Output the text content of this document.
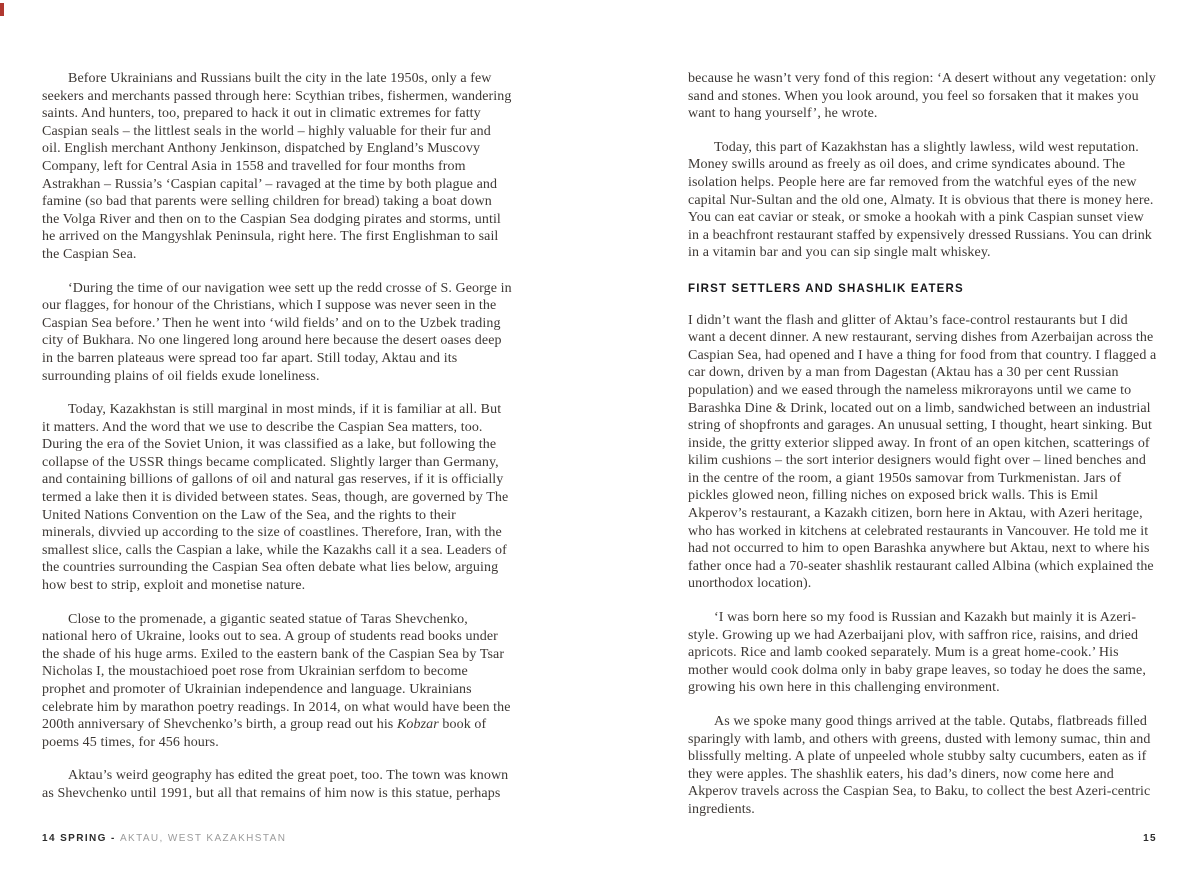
Before Ukrainians and Russians built the city in the late 1950s, only a few seekers and merchants passed through here: Scythian tribes, fishermen, wandering saints. And hunters, too, prepared to hack it out in climatic extremes for fatty Caspian seals – the littlest seals in the world – highly valuable for their fur and oil. English merchant Anthony Jenkinson, dispatched by England’s Muscovy Company, left for Central Asia in 1558 and travelled for four months from Astrakhan – Russia’s ‘Caspian capital’ – ravaged at the time by both plague and famine (so bad that parents were selling children for bread) taking a boat down the Volga River and then on to the Caspian Sea dodging pirates and storms, until he arrived on the Mangyshlak Peninsula, right here. The first Englishman to sail the Caspian Sea.

‘During the time of our navigation wee sett up the redd crosse of S. George in our flagges, for honour of the Christians, which I suppose was never seen in the Caspian Sea before.’ Then he went into ‘wild fields’ and on to the Uzbek trading city of Bukhara. No one lingered long around here because the desert oases deep in the barren plateaus were spread too far apart. Still today, Aktau and its surrounding plains of oil fields exude loneliness.

Today, Kazakhstan is still marginal in most minds, if it is familiar at all. But it matters. And the word that we use to describe the Caspian Sea matters, too. During the era of the Soviet Union, it was classified as a lake, but following the collapse of the USSR things became complicated. Slightly larger than Germany, and containing billions of gallons of oil and natural gas reserves, if it is officially termed a lake then it is divided between states. Seas, though, are governed by The United Nations Convention on the Law of the Sea, and the rights to their minerals, divvied up according to the size of coastlines. Therefore, Iran, with the smallest slice, calls the Caspian a lake, while the Kazakhs call it a sea. Leaders of the countries surrounding the Caspian Sea often debate what lies below, arguing how best to strip, exploit and monetise nature.

Close to the promenade, a gigantic seated statue of Taras Shevchenko, national hero of Ukraine, looks out to sea. A group of students read books under the shade of his huge arms. Exiled to the eastern bank of the Caspian Sea by Tsar Nicholas I, the moustachioed poet rose from Ukrainian serfdom to become prophet and promoter of Ukrainian independence and language. Ukrainians celebrate him by marathon poetry readings. In 2014, on what would have been the 200th anniversary of Shevchenko’s birth, a group read out his Kobzar book of poems 45 times, for 456 hours.

Aktau’s weird geography has edited the great poet, too. The town was known as Shevchenko until 1991, but all that remains of him now is this statue, perhaps

because he wasn’t very fond of this region: ‘A desert without any vegetation: only sand and stones. When you look around, you feel so forsaken that it makes you want to hang yourself’, he wrote.

Today, this part of Kazakhstan has a slightly lawless, wild west reputation. Money swills around as freely as oil does, and crime syndicates abound. The isolation helps. People here are far removed from the watchful eyes of the new capital Nur-Sultan and the old one, Almaty. It is obvious that there is money here. You can eat caviar or steak, or smoke a hookah with a pink Caspian sunset view in a beachfront restaurant staffed by expensively dressed Russians. You can drink in a vitamin bar and you can sip single malt whiskey.

FIRST SETTLERS AND SHASHLIK EATERS

I didn’t want the flash and glitter of Aktau’s face-control restaurants but I did want a decent dinner. A new restaurant, serving dishes from Azerbaijan across the Caspian Sea, had opened and I have a thing for food from that country. I flagged a car down, driven by a man from Dagestan (Aktau has a 30 per cent Russian population) and we eased through the nameless mikrorayons until we came to Barashka Dine & Drink, located out on a limb, sandwiched between an industrial string of shopfronts and garages. An unusual setting, I thought, heart sinking. But inside, the gritty exterior slipped away. In front of an open kitchen, scatterings of kilim cushions – the sort interior designers would fight over – lined benches and in the centre of the room, a giant 1950s samovar from Turkmenistan. Jars of pickles glowed neon, filling niches on exposed brick walls. This is Emil Akperov’s restaurant, a Kazakh citizen, born here in Aktau, with Azeri heritage, who has worked in kitchens at celebrated restaurants in Vancouver. He told me it had not occurred to him to open Barashka anywhere but Aktau, next to where his father once had a 70-seater shashlik restaurant called Albina (which explained the unorthodox location).

‘I was born here so my food is Russian and Kazakh but mainly it is Azeri-style. Growing up we had Azerbaijani plov, with saffron rice, raisins, and dried apricots. Rice and lamb cooked separately. Mum is a great home-cook.’ His mother would cook dolma only in baby grape leaves, so today he does the same, growing his own here in this challenging environment.

As we spoke many good things arrived at the table. Qutabs, flatbreads filled sparingly with lamb, and others with greens, dusted with lemony sumac, thin and blissfully melting. A plate of unpeeled whole stubby salty cucumbers, eaten as if they were apples. The shashlik eaters, his dad’s diners, now come here and Akperov travels across the Caspian Sea, to Baku, to collect the best Azeri-centric ingredients.

14 SPRING - AKTAU, WEST KAZAKHSTAN	15
